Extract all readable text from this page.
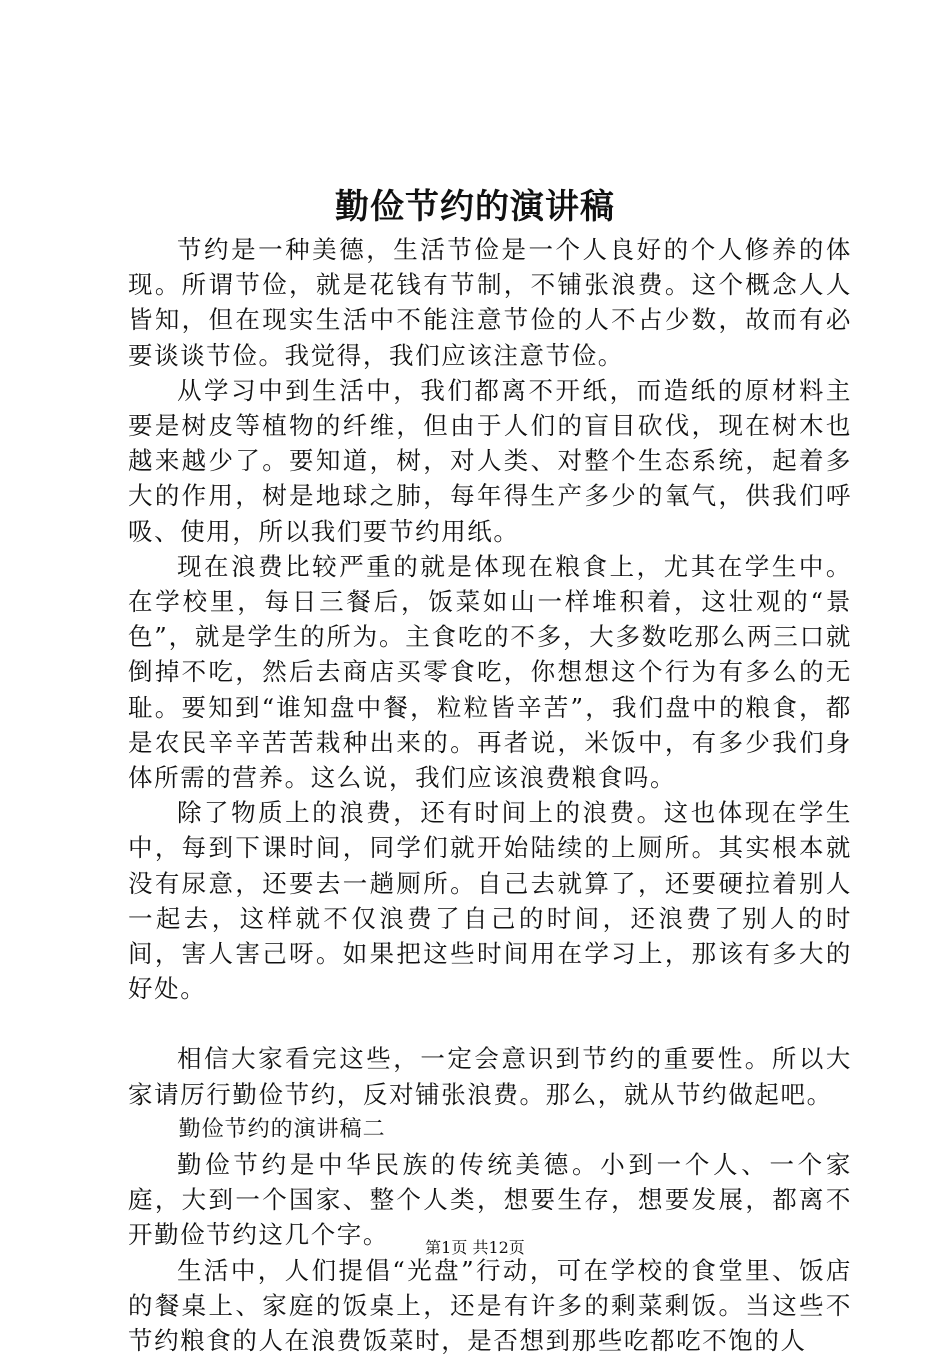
勤俭节约的演讲稿

节约是一种美德，生活节俭是一个人良好的个人修养的体现。所谓节俭，就是花钱有节制，不铺张浪费。这个概念人人皆知，但在现实生活中不能注意节俭的人不占少数，故而有必要谈谈节俭。我觉得，我们应该注意节俭。

从学习中到生活中，我们都离不开纸，而造纸的原材料主要是树皮等植物的纤维，但由于人们的盲目砍伐，现在树木也越来越少了。要知道，树，对人类、对整个生态系统，起着多大的作用，树是地球之肺，每年得生产多少的氧气，供我们呼吸、使用，所以我们要节约用纸。

现在浪费比较严重的就是体现在粮食上，尤其在学生中。在学校里，每日三餐后，饭菜如山一样堆积着，这壮观的“景色”，就是学生的所为。主食吃的不多，大多数吃那么两三口就倒掉不吃，然后去商店买零食吃，你想想这个行为有多么的无耻。要知到“谁知盘中餐，粒粒皆辛苦”，我们盘中的粮食，都是农民辛辛苦苦栽种出来的。再者说，米饭中，有多少我们身体所需的营养。这么说，我们应该浪费粮食吗。

除了物质上的浪费，还有时间上的浪费。这也体现在学生中，每到下课时间，同学们就开始陆续的上厕所。其实根本就没有尿意，还要去一趟厕所。自己去就算了，还要硬拉着别人一起去，这样就不仅浪费了自己的时间，还浪费了别人的时间，害人害己呀。如果把这些时间用在学习上，那该有多大的好处。

相信大家看完这些，一定会意识到节约的重要性。所以大家请厉行勤俭节约，反对铺张浪费。那么，就从节约做起吧。

勤俭节约的演讲稿二

勤俭节约是中华民族的传统美德。小到一个人、一个家庭，大到一个国家、整个人类，想要生存，想要发展，都离不开勤俭节约这几个字。

生活中，人们提倡“光盘”行动，可在学校的食堂里、饭店的餐桌上、家庭的饭桌上，还是有许多的剩菜剩饭。当这些不节约粮食的人在浪费饭菜时，是否想到那些吃都吃不饱的人

第1页 共12页
